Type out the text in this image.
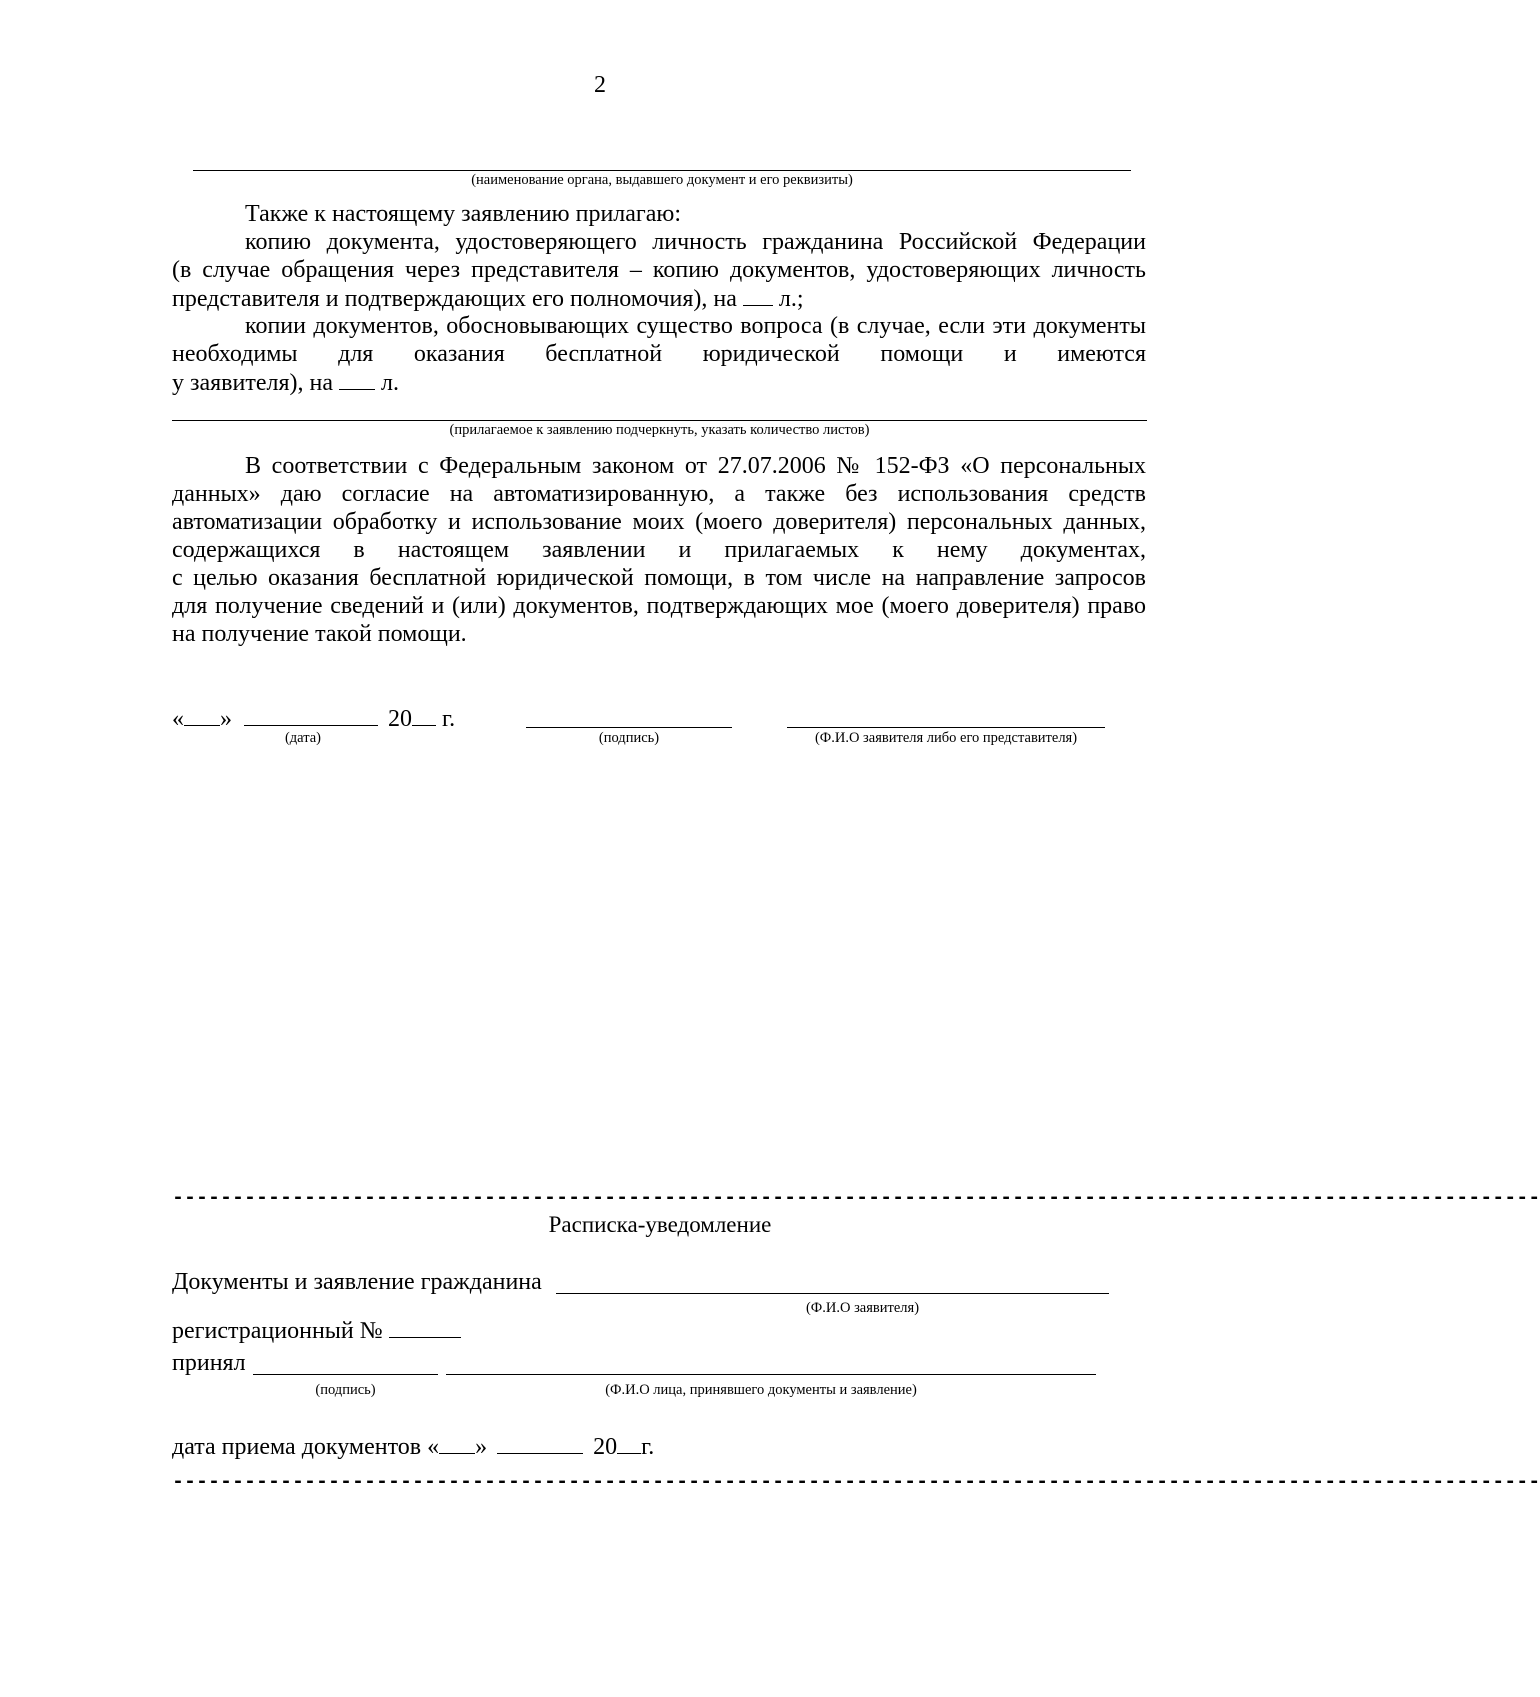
2
(наименование органа, выдавшего документ и его реквизиты)
Также к настоящему заявлению прилагаю:
копию документа, удостоверяющего личность гражданина Российской Федерации
(в случае обращения через представителя – копию документов, удостоверяющих личность
представителя и подтверждающих его полномочия), на л.;
копии документов, обосновывающих существо вопроса (в случае, если эти документы
необходимы для оказания бесплатной юридической помощи и имеются
у заявителя), на л.
(прилагаемое к заявлению подчеркнуть, указать количество листов)
В соответствии с Федеральным законом от 27.07.2006 № 152-ФЗ «О персональных
данных» даю согласие на автоматизированную, а также без использования средств
автоматизации обработку и использование моих (моего доверителя) персональных данных,
содержащихся в настоящем заявлении и прилагаемых к нему документах,
с целью оказания бесплатной юридической помощи, в том числе на направление запросов
для получение сведений и (или) документов, подтверждающих мое (моего доверителя) право
на получение такой помощи.
« »	20 г.
(дата)	(подпись)	(Ф.И.О заявителя либо его представителя)
------------------------------------------------------------------------------------------------------------------
Расписка-уведомление
Документы и заявление гражданина
(Ф.И.О заявителя)
регистрационный №
принял
(подпись)	(Ф.И.О лица, принявшего документы и заявление)
дата приема документов « »	20 г.
------------------------------------------------------------------------------------------------------------------
